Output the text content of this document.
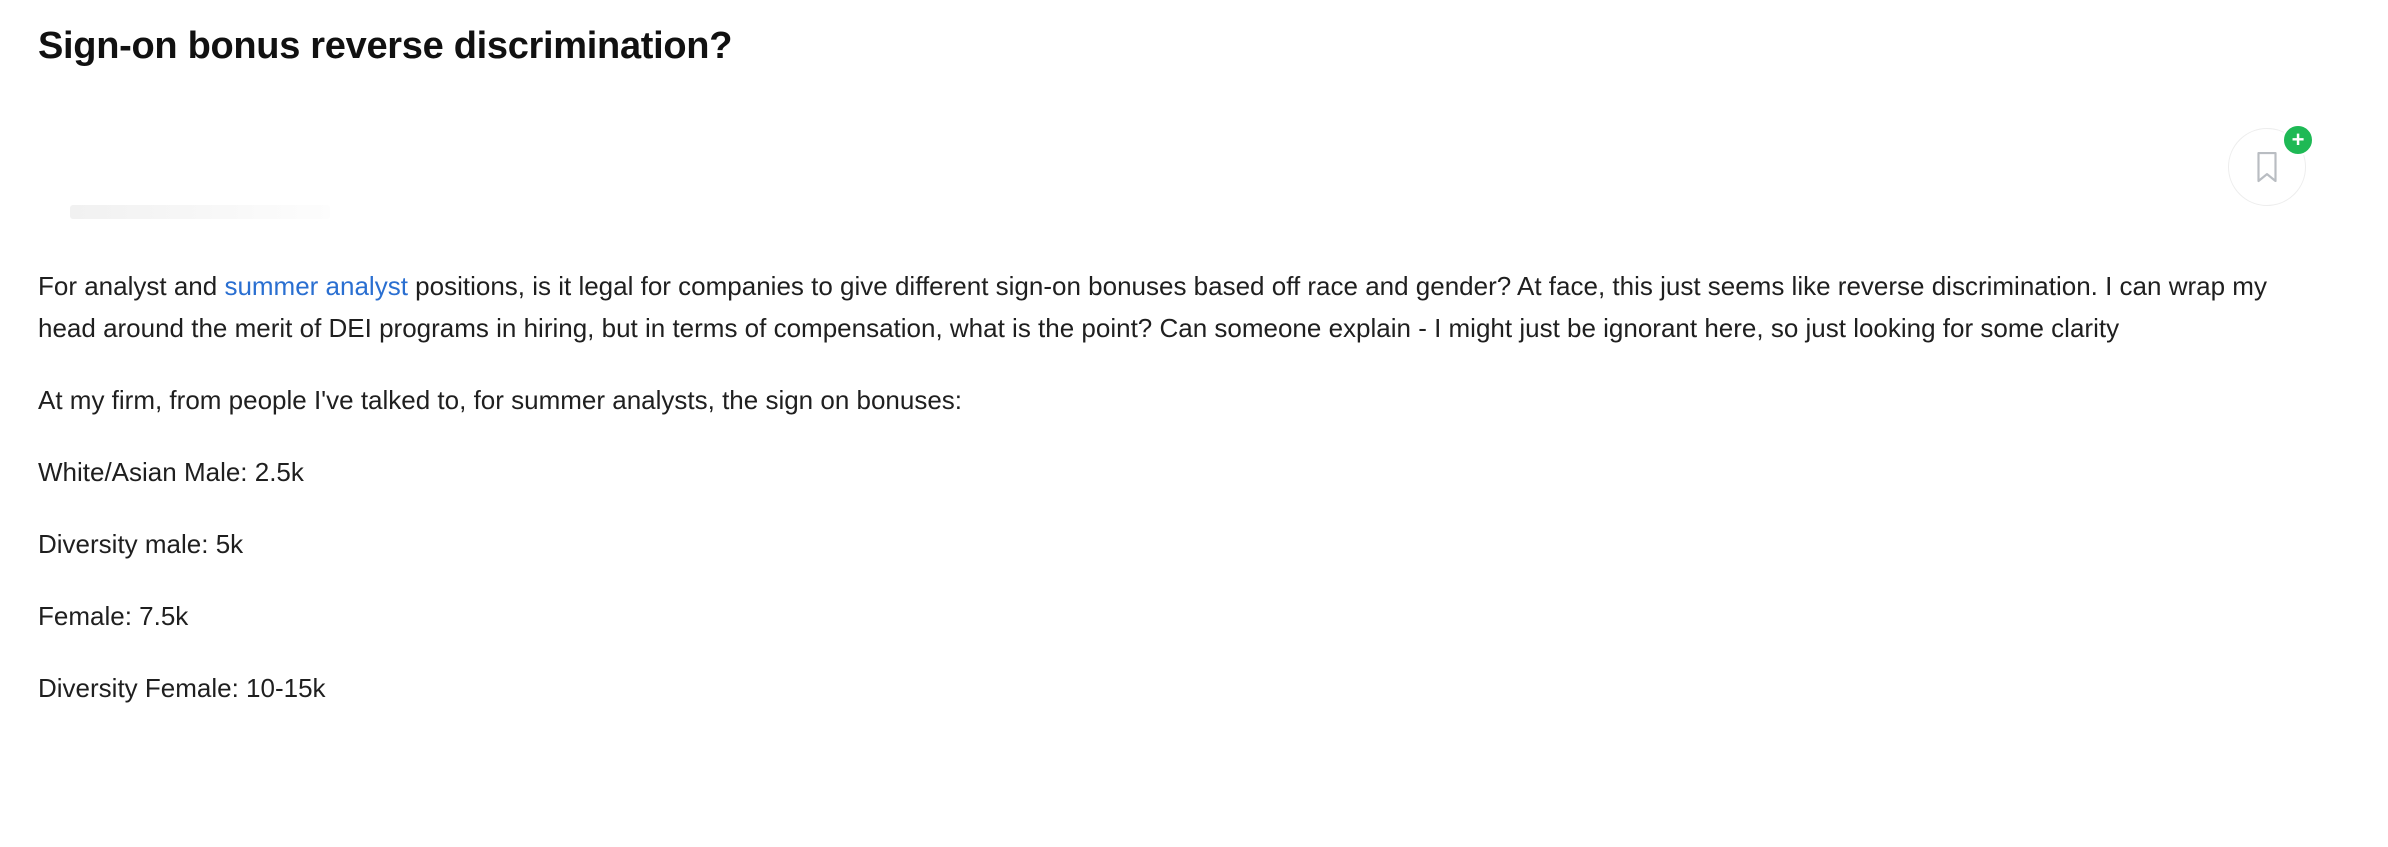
Sign-on bonus reverse discrimination?
+

For analyst and summer analyst positions, is it legal for companies to give different sign-on bonuses based off race and gender? At face, this just seems like reverse discrimination. I can wrap my head around the merit of DEI programs in hiring, but in terms of compensation, what is the point? Can someone explain - I might just be ignorant here, so just looking for some clarity

At my firm, from people I've talked to, for summer analysts, the sign on bonuses:

White/Asian Male: 2.5k

Diversity male: 5k

Female: 7.5k

Diversity Female: 10-15k
